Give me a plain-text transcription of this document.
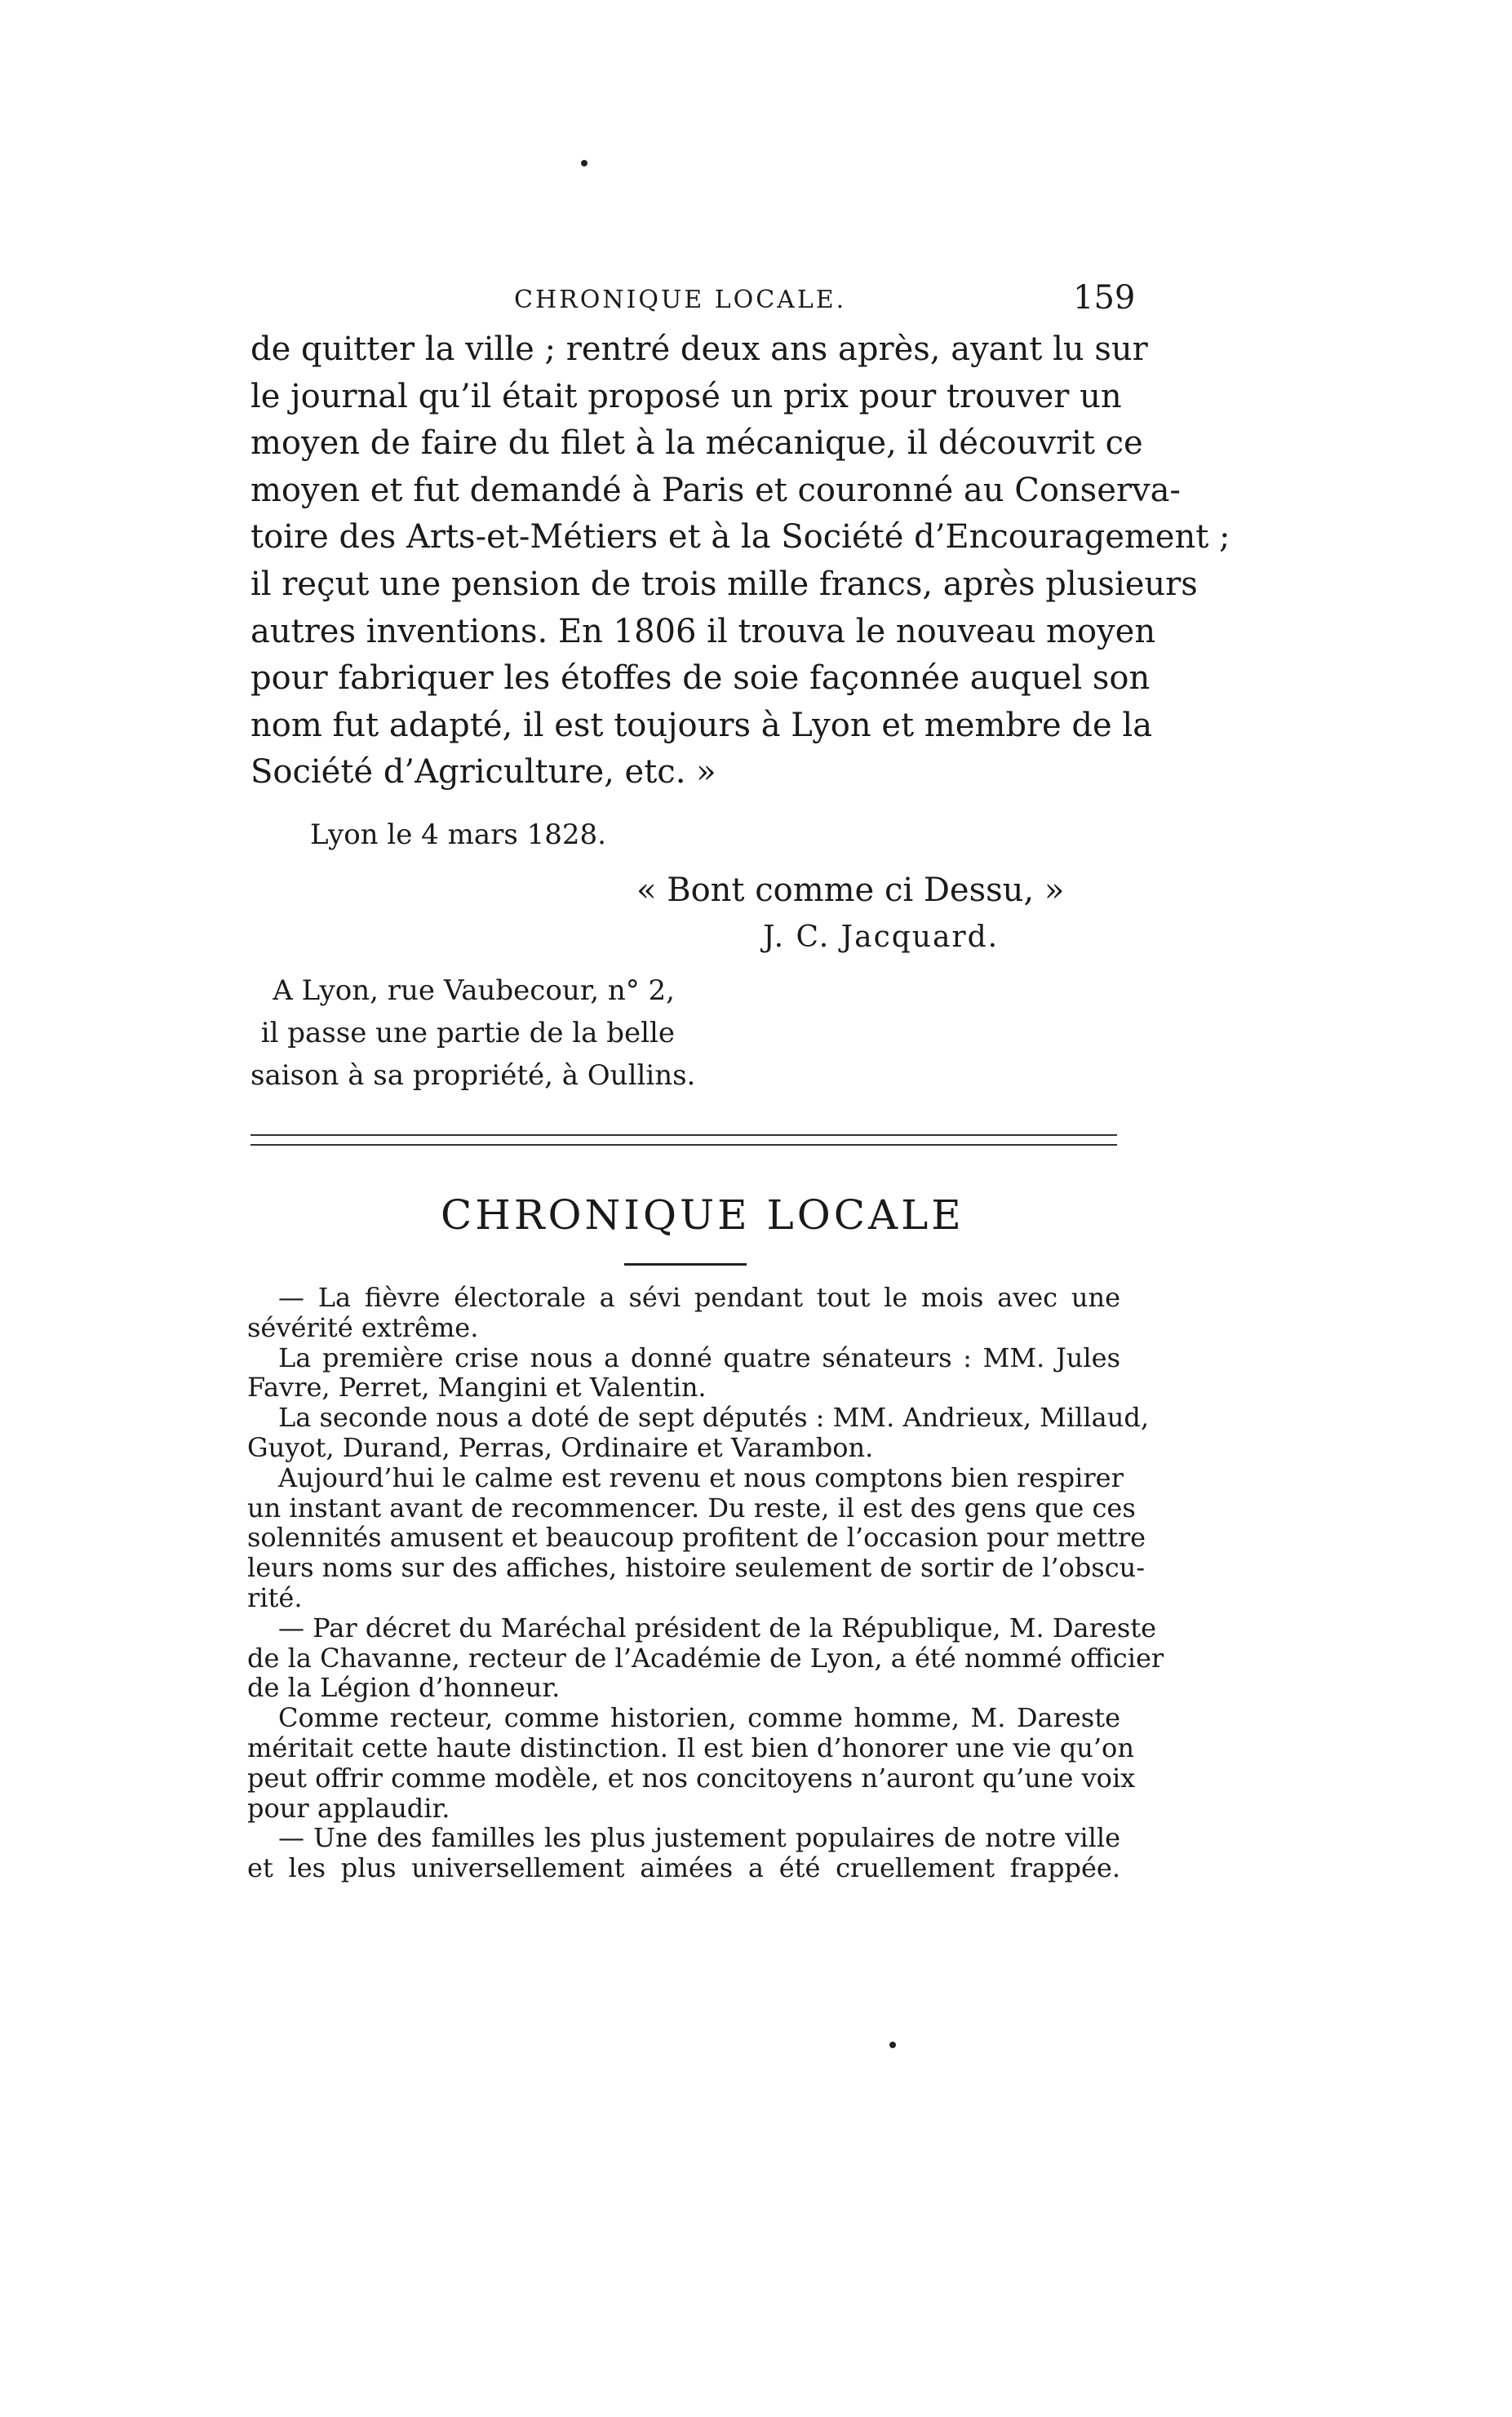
CHRONIQUE LOCALE.	159
de quitter la ville ; rentré deux ans après, ayant lu sur
le journal qu’il était proposé un prix pour trouver un
moyen de faire du filet à la mécanique, il découvrit ce
moyen et fut demandé à Paris et couronné au Conserva-
toire des Arts-et-Métiers et à la Société d’Encouragement ;
il reçut une pension de trois mille francs, après plusieurs
autres inventions. En 1806 il trouva le nouveau moyen
pour fabriquer les étoffes de soie façonnée auquel son
nom fut adapté, il est toujours à Lyon et membre de la
Société d’Agriculture, etc. »
Lyon le 4 mars 1828.
« Bont comme ci Dessu, »
J. C. Jacquard.
A Lyon, rue Vaubecour, n° 2,
il passe une partie de la belle
saison à sa propriété, à Oullins.
CHRONIQUE LOCALE
— La fièvre électorale a sévi pendant tout le mois avec une
sévérité extrême.
La première crise nous a donné quatre sénateurs : MM. Jules
Favre, Perret, Mangini et Valentin.
La seconde nous a doté de sept députés : MM. Andrieux, Millaud,
Guyot, Durand, Perras, Ordinaire et Varambon.
Aujourd’hui le calme est revenu et nous comptons bien respirer
un instant avant de recommencer. Du reste, il est des gens que ces
solennités amusent et beaucoup profitent de l’occasion pour mettre
leurs noms sur des affiches, histoire seulement de sortir de l’obscu-
rité.
— Par décret du Maréchal président de la République, M. Dareste
de la Chavanne, recteur de l’Académie de Lyon, a été nommé officier
de la Légion d’honneur.
Comme recteur, comme historien, comme homme, M. Dareste
méritait cette haute distinction. Il est bien d’honorer une vie qu’on
peut offrir comme modèle, et nos concitoyens n’auront qu’une voix
pour applaudir.
— Une des familles les plus justement populaires de notre ville
et les plus universellement aimées a été cruellement frappée.
